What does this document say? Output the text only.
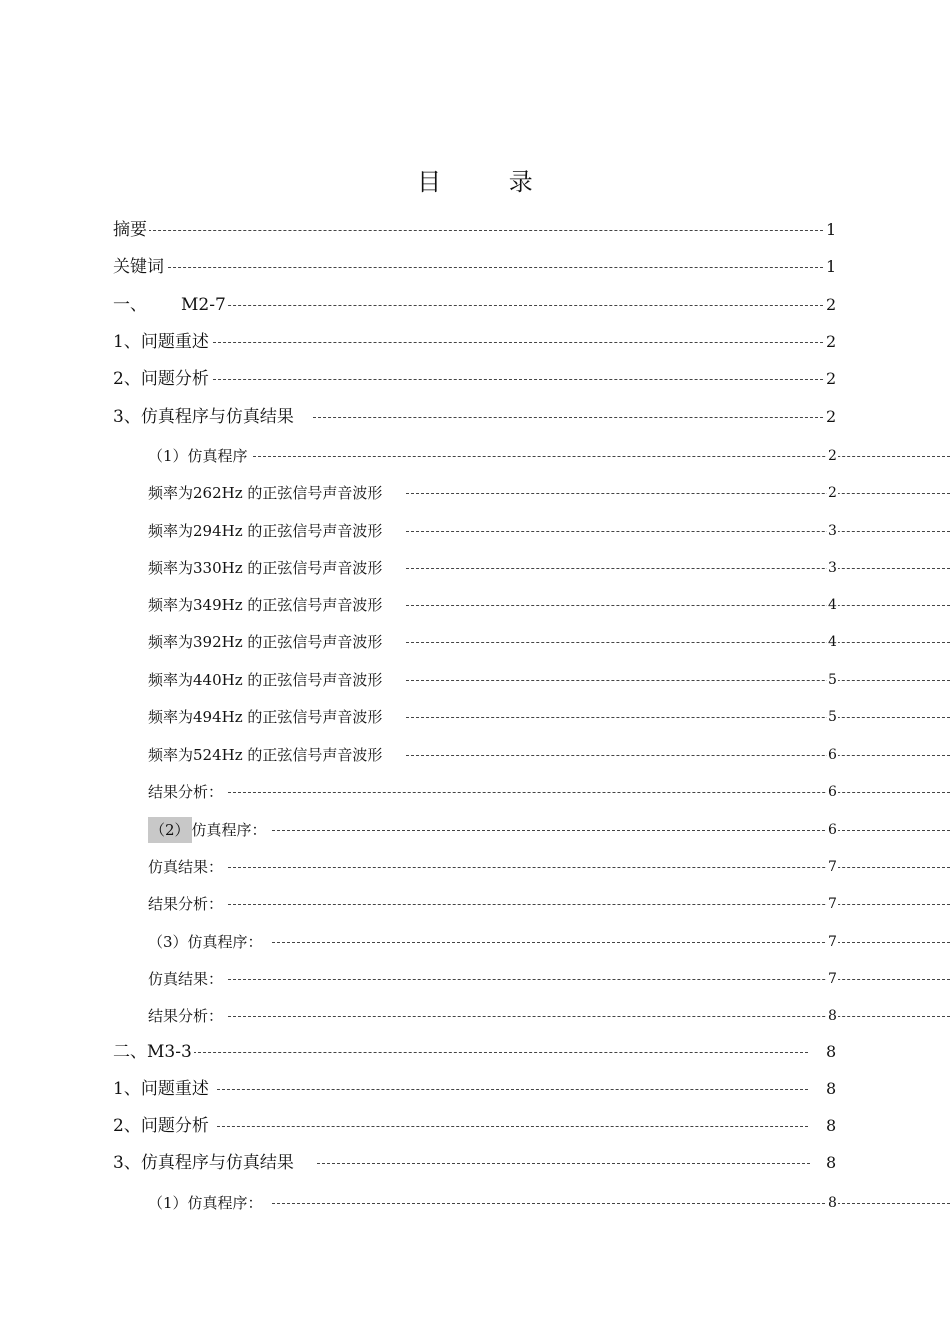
目 录
摘要	1
关键词	1
一、 M2-7	2
1、问题重述	2
2、问题分析	2
3、仿真程序与仿真结果	2
（1）仿真程序	2
频率为262Hz 的正弦信号声音波形	2
频率为294Hz 的正弦信号声音波形	3
频率为330Hz 的正弦信号声音波形	3
频率为349Hz 的正弦信号声音波形	4
频率为392Hz 的正弦信号声音波形	4
频率为440Hz 的正弦信号声音波形	5
频率为494Hz 的正弦信号声音波形	5
频率为524Hz 的正弦信号声音波形	6
结果分析：	6
（2） 仿真程序：	6
仿真结果：	7
结果分析：	7
（3）仿真程序：	7
仿真结果：	7
结果分析：	8
二、M3-3	8
1、问题重述	8
2、问题分析	8
3、仿真程序与仿真结果	8
（1）仿真程序：	8
